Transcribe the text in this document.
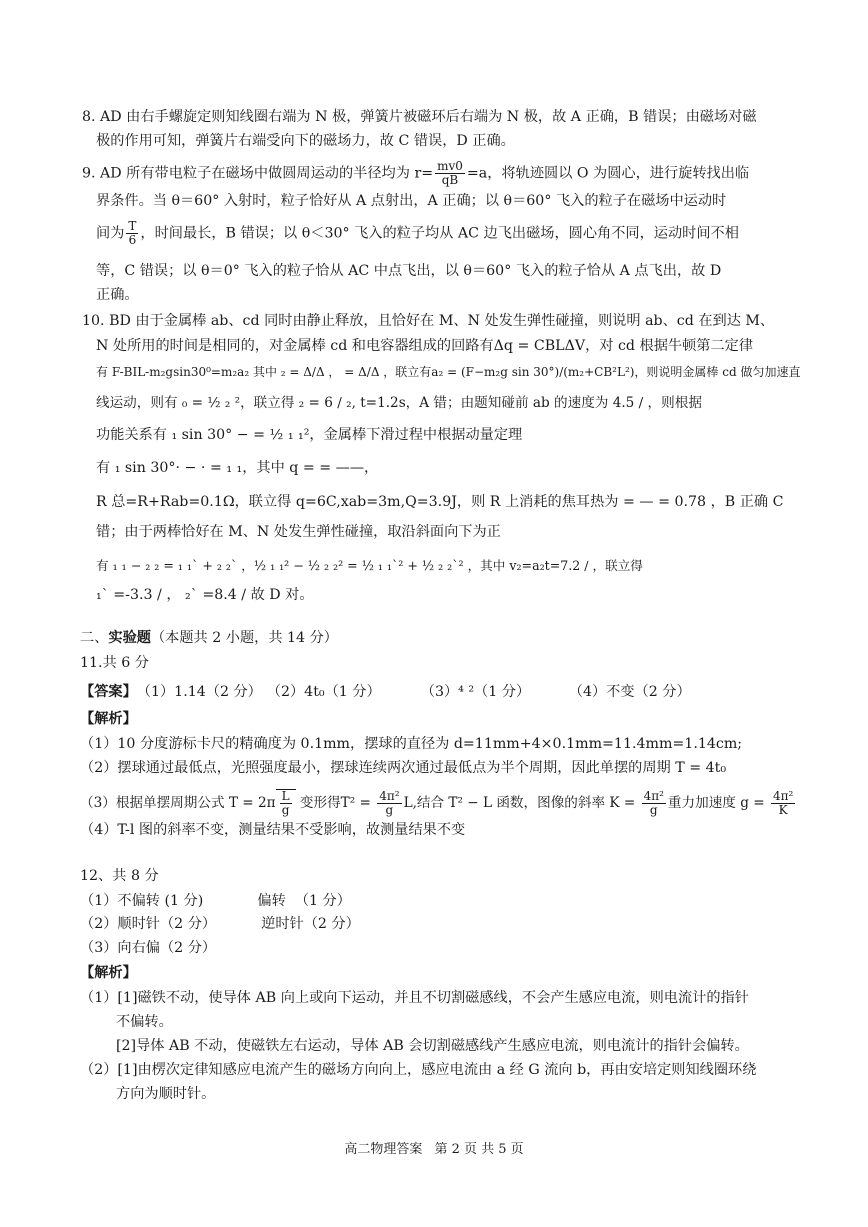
8. AD 由右手螺旋定则知线圈右端为 N 极，弹簧片被磁环后右端为 N 极，故 A 正确，B 错误；由磁场对磁
极的作用可知，弹簧片右端受向下的磁场力，故 C 错误，D 正确。
9. AD 所有带电粒子在磁场中做圆周运动的半径均为 $r= \frac{mv0}{qB} =a$，将轨迹圆以 O 为圆心，进行旋转找出临
界条件。当 θ＝60° 入射时，粒子恰好从 A 点射出，A 正确；以 θ＝60° 飞入的粒子在磁场中运动时
间为 $\frac{T}{6}$ ，时间最长，B 错误；以 θ＜30° 飞入的粒子均从 AC 边飞出磁场，圆心角不同，运动时间不相
等，C 错误；以 θ＝0° 飞入的粒子恰从 AC 中点飞出，以 θ＝60° 飞入的粒子恰从 A 点飞出，故 D
正确。
10. BD 由于金属棒 ab、cd 同时由静止释放，且恰好在 M、N 处发生弹性碰撞，则说明 ab、cd 在到达 M、
N 处所用的时间是相同的，对金属棒 cd 和电容器组成的回路有Δq = CBLΔV，对 cd 根据牛顿第二定律
有 F-BIL-m₂gsin30⁰=m₂a₂ 其中 ₂ = Δ/Δ ， = Δ/Δ ，联立有a₂ = (F−m₂g sin 30°)/(m₂+CB²L²)，则说明金属棒 cd 做匀加速直
线运动，则有 ₀ = ½ ₂ ²，联立得 ₂ = 6 ∕ ₂, t=1.2s，A 错；由题知碰前 ab 的速度为 4.5 ∕ ，则根据
功能关系有 ₁ sin 30° − = ½ ₁ ₁²，金属棒下滑过程中根据动量定理
有 ₁ sin 30°· − · = ₁ ₁，其中 q = = ——，
R 总=R+Rab=0.1Ω，联立得 q=6C,xab=3m,Q=3.9J，则 R 上消耗的焦耳热为 = — = 0.78 ，B 正确 C
错；由于两棒恰好在 M、N 处发生弹性碰撞，取沿斜面向下为正
有 ₁ ₁ − ₂ ₂ = ₁ ₁` + ₂ ₂` ，½ ₁ ₁² − ½ ₂ ₂² = ½ ₁ ₁`² + ½ ₂ ₂`² ，其中 v₂=a₂t=7.2 ∕ ，联立得
₁` =-3.3 ∕ ， ₂` =8.4 ∕ 故 D 对。
二、实验题（本题共 2 小题，共 14 分）
11.共 6 分
【答案】（1）1.14（2 分） （2）4t₀（1 分）	（3）⁴ ²（1 分）	（4）不变（2 分）
【解析】
（1）10 分度游标卡尺的精确度为 0.1mm，摆球的直径为 d=11mm+4×0.1mm=11.4mm=1.14cm;
（2）摆球通过最低点，光照强度最小，摆球连续两次通过最低点为半个周期，因此单摆的周期 T = 4t₀
（3）根据单摆周期公式 $T = 2\pi \frac{L}{g}$ 变形得$T^2 = \frac{\text{4π²}}{g} L$,结合 T² − L 函数，图像的斜率 $K = \frac{\text{4π²}}{g}$ 重力加速度 $g = \frac{\text{4π²}}{K}$
（4）T-l 图的斜率不变，测量结果不受影响，故测量结果不变
12、共 8 分
（1）不偏转 (1 分)            偏转  （1 分）
（2）顺时针（2 分）          逆时针（2 分）
（3）向右偏（2 分）
【解析】
（1）[1]磁铁不动，使导体 AB 向上或向下运动，并且不切割磁感线，不会产生感应电流，则电流计的指针
不偏转。
[2]导体 AB 不动，使磁铁左右运动，导体 AB 会切割磁感线产生感应电流，则电流计的指针会偏转。
（2）[1]由楞次定律知感应电流产生的磁场方向向上，感应电流由 a 经 G 流向 b，再由安培定则知线圈环绕
方向为顺时针。
高二物理答案 第 2 页 共 5 页
